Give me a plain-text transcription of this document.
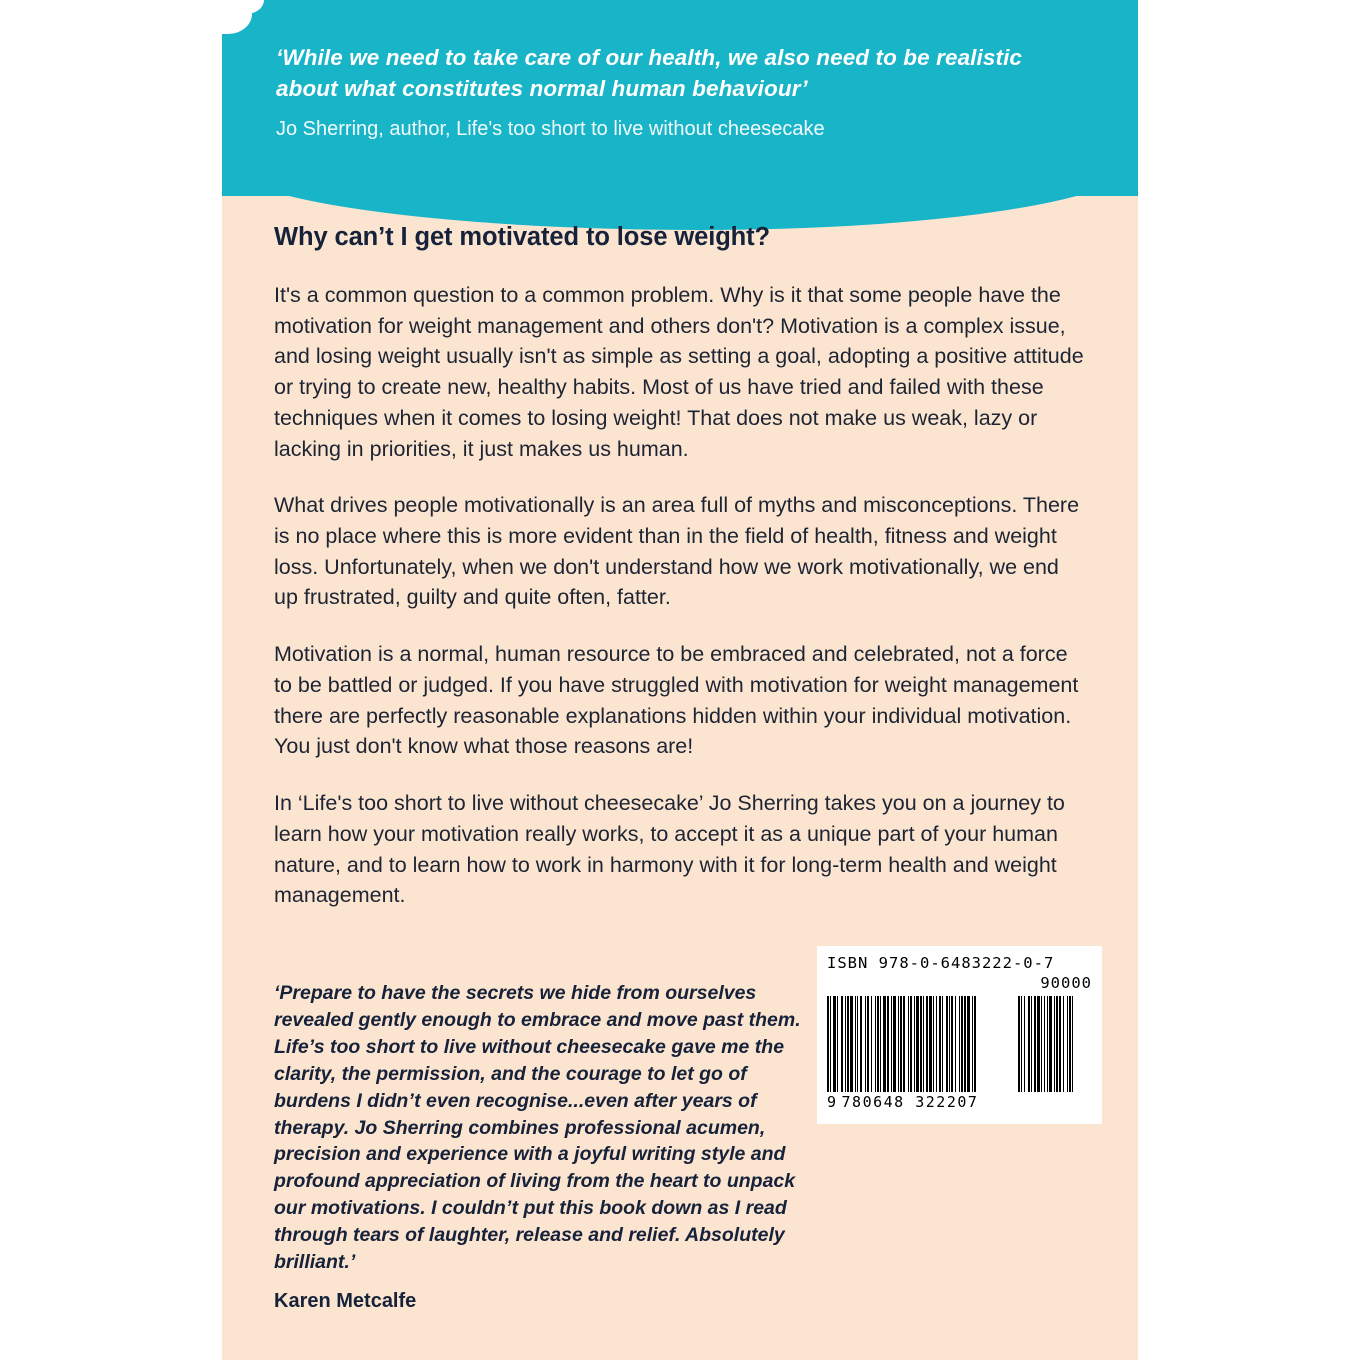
‘While we need to take care of our health, we also need to be realistic about what constitutes normal human behaviour’
Jo Sherring, author, Life's too short to live without cheesecake
Why can’t I get motivated to lose weight?

It's a common question to a common problem. Why is it that some people have the motivation for weight management and others don't? Motivation is a complex issue, and losing weight usually isn't as simple as setting a goal, adopting a positive attitude or trying to create new, healthy habits. Most of us have tried and failed with these techniques when it comes to losing weight! That does not make us weak, lazy or lacking in priorities, it just makes us human.

What drives people motivationally is an area full of myths and misconceptions. There is no place where this is more evident than in the field of health, fitness and weight loss. Unfortunately, when we don't understand how we work motivationally, we end up frustrated, guilty and quite often, fatter.

Motivation is a normal, human resource to be embraced and celebrated, not a force to be battled or judged. If you have struggled with motivation for weight management there are perfectly reasonable explanations hidden within your individual motivation. You just don't know what those reasons are!

In ‘Life's too short to live without cheesecake’ Jo Sherring takes you on a journey to learn how your motivation really works, to accept it as a unique part of your human nature, and to learn how to work in harmony with it for long-term health and weight management.

‘Prepare to have the secrets we hide from ourselves revealed gently enough to embrace and move past them. Life’s too short to live without cheesecake gave me the clarity, the permission, and the courage to let go of burdens I didn’t even recognise...even after years of therapy. Jo Sherring combines professional acumen, precision and experience with a joyful writing style and profound appreciation of living from the heart to unpack our motivations. I couldn’t put this book down as I read through tears of laughter, release and relief. Absolutely brilliant.’

Karen Metcalfe
ISBN 978-0-6483222-0-7
90000
9 780648 322207
